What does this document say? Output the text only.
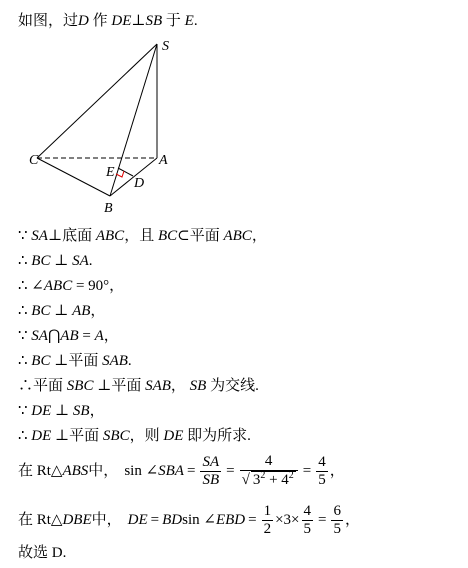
如图，过D 作 DE⊥SB 于 E.
S
C	A
E
D
B
∵ SA⊥底面 ABC，且 BC⊂平面 ABC，
∴ BC ⊥ SA.
∴ ∠ABC = 90°，
∴ BC ⊥ AB，
∵ SA⋂AB = A，
∴ BC ⊥平面 SAB.
∴平面 SBC ⊥平面 SAB， SB 为交线.
∵ DE ⊥ SB，
∴ DE ⊥平面 SBC，则 DE 即为所求.
在 Rt△ ABS 中， sin ∠ SBA = $\frac{SA}{SB} = \frac{4}{√ 3^2 + 4^2} = \frac{4}{5}$ ，
在 Rt△ DBE 中， DE = BD sin ∠ EBD = $\frac{1}{2} \times 3\times \frac{4}{5} = \frac{6}{5}$ ，
故选 D.
